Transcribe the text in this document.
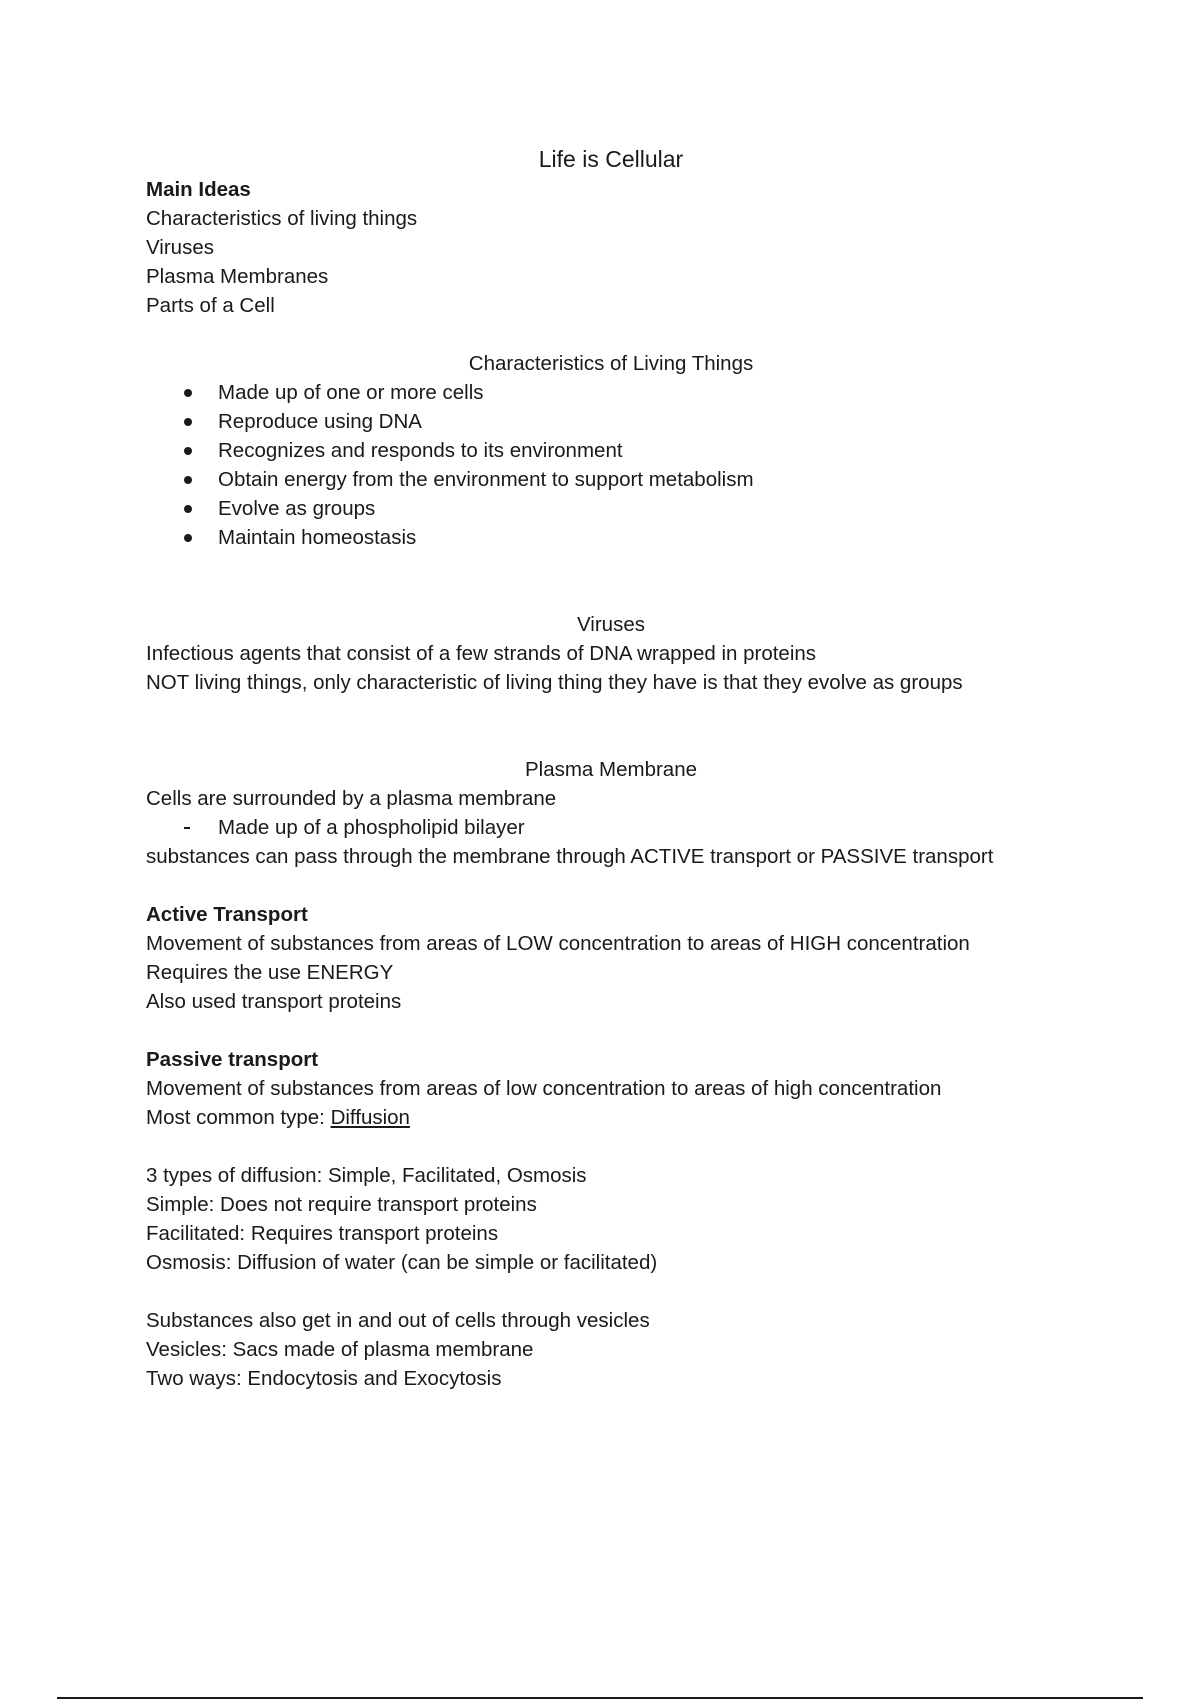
Life is Cellular

Main Ideas

Characteristics of living things

Viruses

Plasma Membranes

Parts of a Cell

Characteristics of Living Things

Made up of one or more cells
Reproduce using DNA
Recognizes and responds to its environment
Obtain energy from the environment to support metabolism
Evolve as groups
Maintain homeostasis

Viruses

Infectious agents that consist of a few strands of DNA wrapped in proteins

NOT living things, only characteristic of living thing they have is that they evolve as groups

Plasma Membrane

Cells are surrounded by a plasma membrane

Made up of a phospholipid bilayer

substances can pass through the membrane through ACTIVE transport or PASSIVE transport

Active Transport

Movement of substances from areas of LOW concentration to areas of HIGH concentration

Requires the use ENERGY

Also used transport proteins

Passive transport

Movement of substances from areas of low concentration to areas of high concentration

Most common type: Diffusion

3 types of diffusion: Simple, Facilitated, Osmosis

Simple: Does not require transport proteins

Facilitated: Requires transport proteins

Osmosis: Diffusion of water (can be simple or facilitated)

Substances also get in and out of cells through vesicles

Vesicles: Sacs made of plasma membrane

Two ways: Endocytosis and Exocytosis
